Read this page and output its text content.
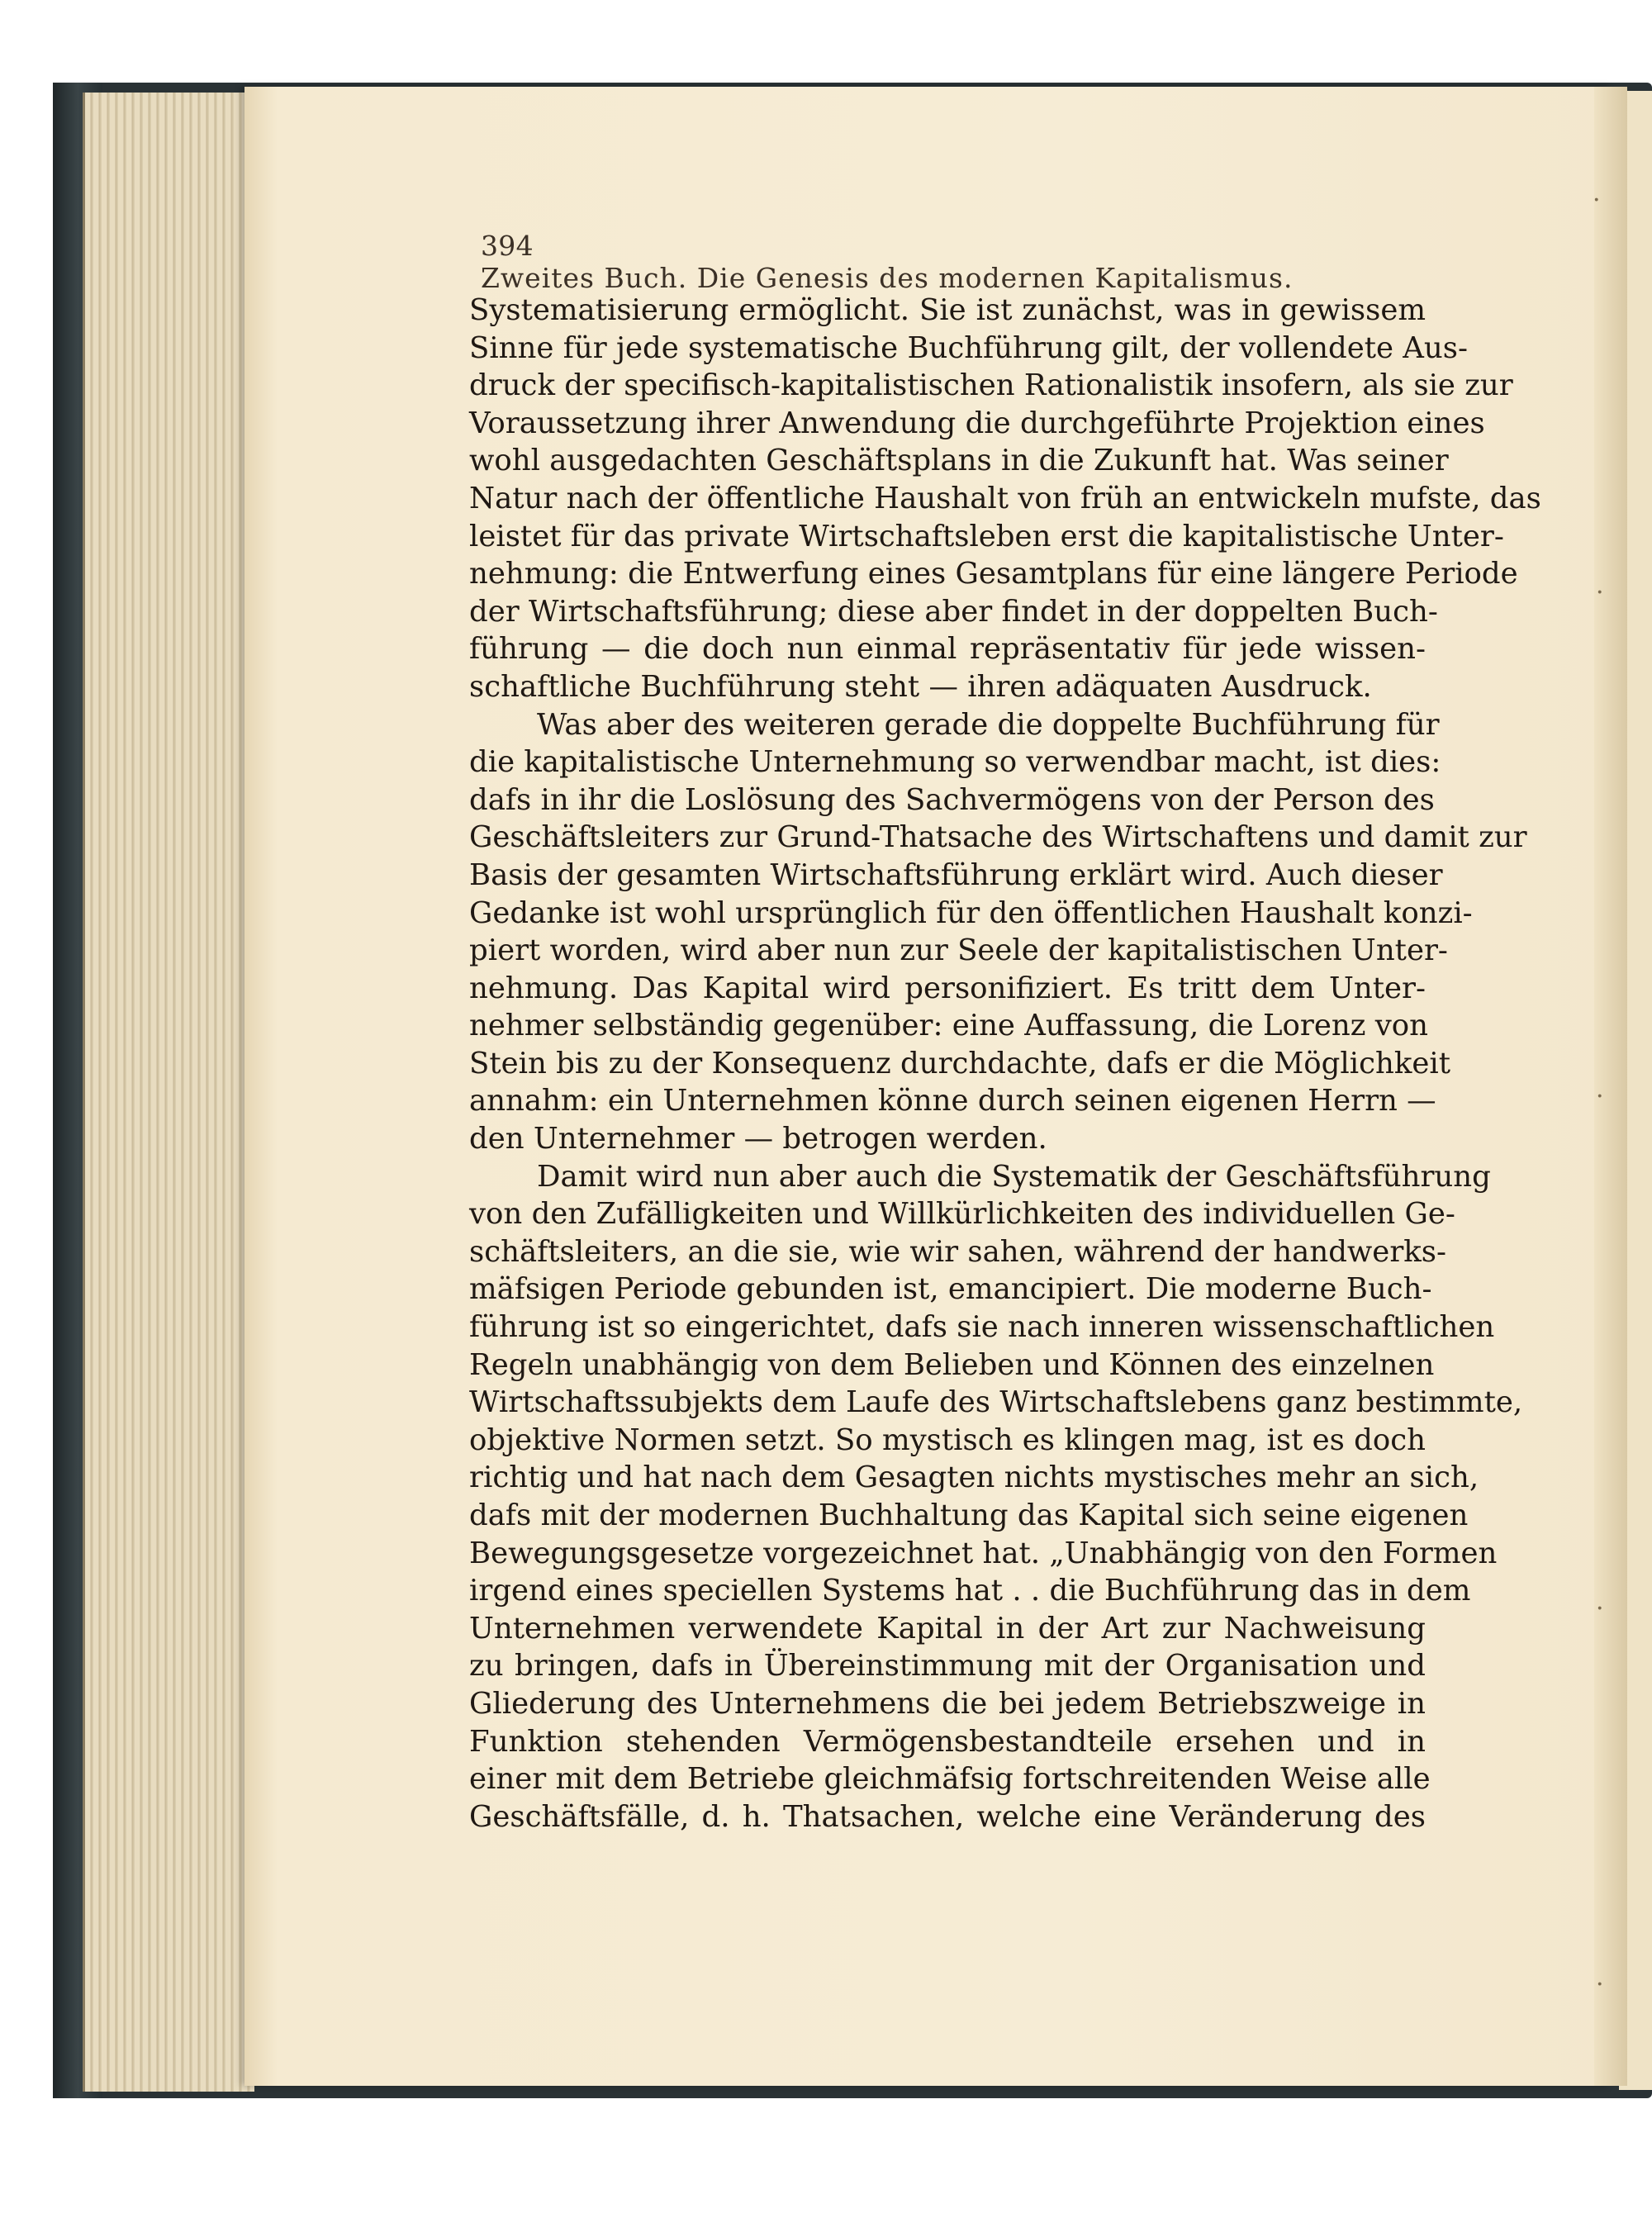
·
·
·
·
·
394Zweites Buch. Die Genesis des modernen Kapitalismus.
Systematisierung ermöglicht. Sie ist zunächst, was in gewissem
Sinne für jede systematische Buchführung gilt, der vollendete Aus-
druck der specifisch-kapitalistischen Rationalistik insofern, als sie zur
Voraussetzung ihrer Anwendung die durchgeführte Projektion eines
wohl ausgedachten Geschäftsplans in die Zukunft hat. Was seiner
Natur nach der öffentliche Haushalt von früh an entwickeln mufste, das
leistet für das private Wirtschaftsleben erst die kapitalistische Unter-
nehmung: die Entwerfung eines Gesamtplans für eine längere Periode
der Wirtschaftsführung; diese aber findet in der doppelten Buch-
führung — die doch nun einmal repräsentativ für jede wissen-
schaftliche Buchführung steht — ihren adäquaten Ausdruck.
Was aber des weiteren gerade die doppelte Buchführung für
die kapitalistische Unternehmung so verwendbar macht, ist dies:
dafs in ihr die Loslösung des Sachvermögens von der Person des
Geschäftsleiters zur Grund-Thatsache des Wirtschaftens und damit zur
Basis der gesamten Wirtschaftsführung erklärt wird. Auch dieser
Gedanke ist wohl ursprünglich für den öffentlichen Haushalt konzi-
piert worden, wird aber nun zur Seele der kapitalistischen Unter-
nehmung. Das Kapital wird personifiziert. Es tritt dem Unter-
nehmer selbständig gegenüber: eine Auffassung, die Lorenz von
Stein bis zu der Konsequenz durchdachte, dafs er die Möglichkeit
annahm: ein Unternehmen könne durch seinen eigenen Herrn —
den Unternehmer — betrogen werden.
Damit wird nun aber auch die Systematik der Geschäftsführung
von den Zufälligkeiten und Willkürlichkeiten des individuellen Ge-
schäftsleiters, an die sie, wie wir sahen, während der handwerks-
mäfsigen Periode gebunden ist, emancipiert. Die moderne Buch-
führung ist so eingerichtet, dafs sie nach inneren wissenschaftlichen
Regeln unabhängig von dem Belieben und Können des einzelnen
Wirtschaftssubjekts dem Laufe des Wirtschaftslebens ganz bestimmte,
objektive Normen setzt. So mystisch es klingen mag, ist es doch
richtig und hat nach dem Gesagten nichts mystisches mehr an sich,
dafs mit der modernen Buchhaltung das Kapital sich seine eigenen
Bewegungsgesetze vorgezeichnet hat. „Unabhängig von den Formen
irgend eines speciellen Systems hat . . die Buchführung das in dem
Unternehmen verwendete Kapital in der Art zur Nachweisung
zu bringen, dafs in Übereinstimmung mit der Organisation und
Gliederung des Unternehmens die bei jedem Betriebszweige in
Funktion stehenden Vermögensbestandteile ersehen und in
einer mit dem Betriebe gleichmäfsig fortschreitenden Weise alle
Geschäftsfälle, d. h. Thatsachen, welche eine Veränderung des
